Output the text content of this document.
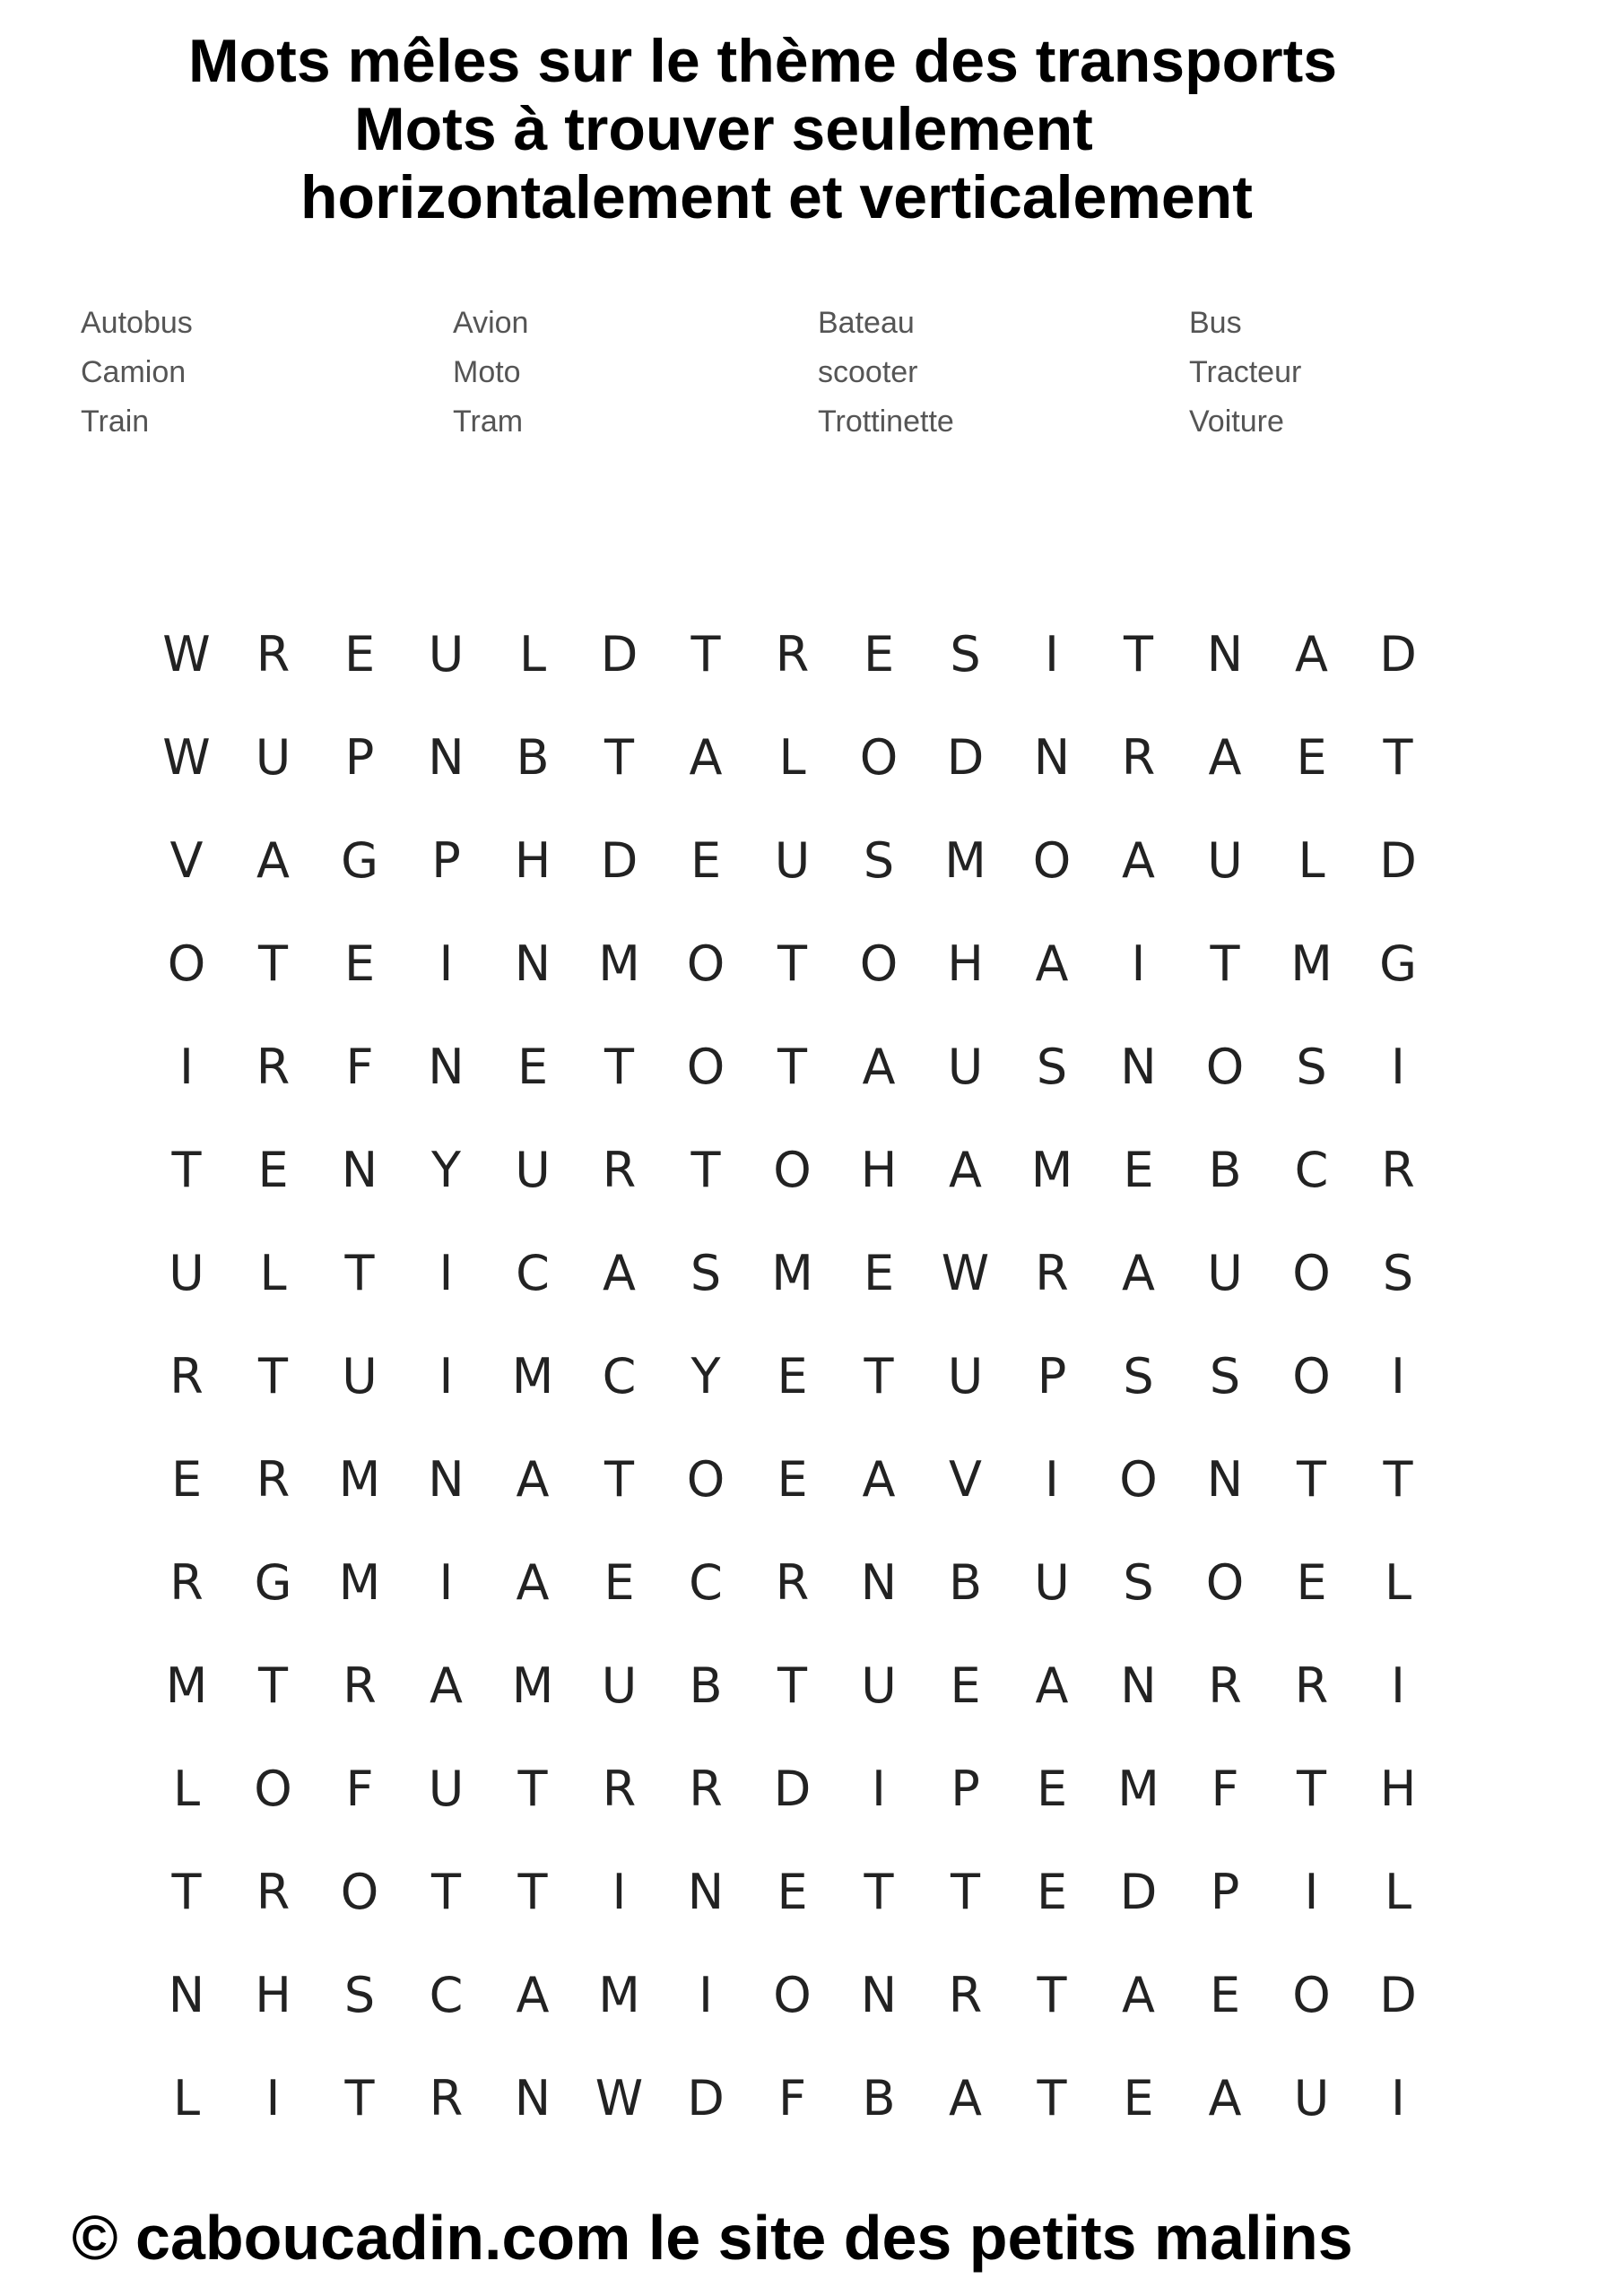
Mots mêles sur le thème des transports
Mots à trouver seulement
horizontalement et verticalement
Autobus	Avion	Bateau	Bus
Camion	Moto	scooter	Tracteur
Train	Tram	Trottinette	Voiture
W R	E	U	L	D	T	R	E	S	I	T	N	A	D
W U	P	N	B	T	A	L	O	D	N	R	A	E	T
V	A	G	P	H	D	E	U	S	M O	A	U	L	D
O	T	E	I	N M O	T	O	H	A	I	T	M G
I	R	F	N	E	T	O	T	A	U	S	N	O	S	I
T	E	N	Y	U	R	T	O	H	A	M	E	B	C	R
U	L	T	I	C	A	S	M	E W R	A	U	O	S
R	T	U	I	M	C	Y	E	T	U	P	S	S	O	I
E	R	M N	A	T	O	E	A	V	I	O	N	T	T
R	G M	I	A	E	C	R	N	B	U	S	O	E	L
M	T	R	A	M U	B	T	U	E	A	N	R	R	I
L	O	F	U	T	R	R	D	I	P	E	M	F	T	H
T	R	O	T	T	I	N	E	T	T	E	D	P	I	L
N	H	S	C	A	M	I	O	N	R	T	A	E	O	D
L	I	T	R	N W D	F	B	A	T	E	A	U	I
© caboucadin.com le site des petits malins
